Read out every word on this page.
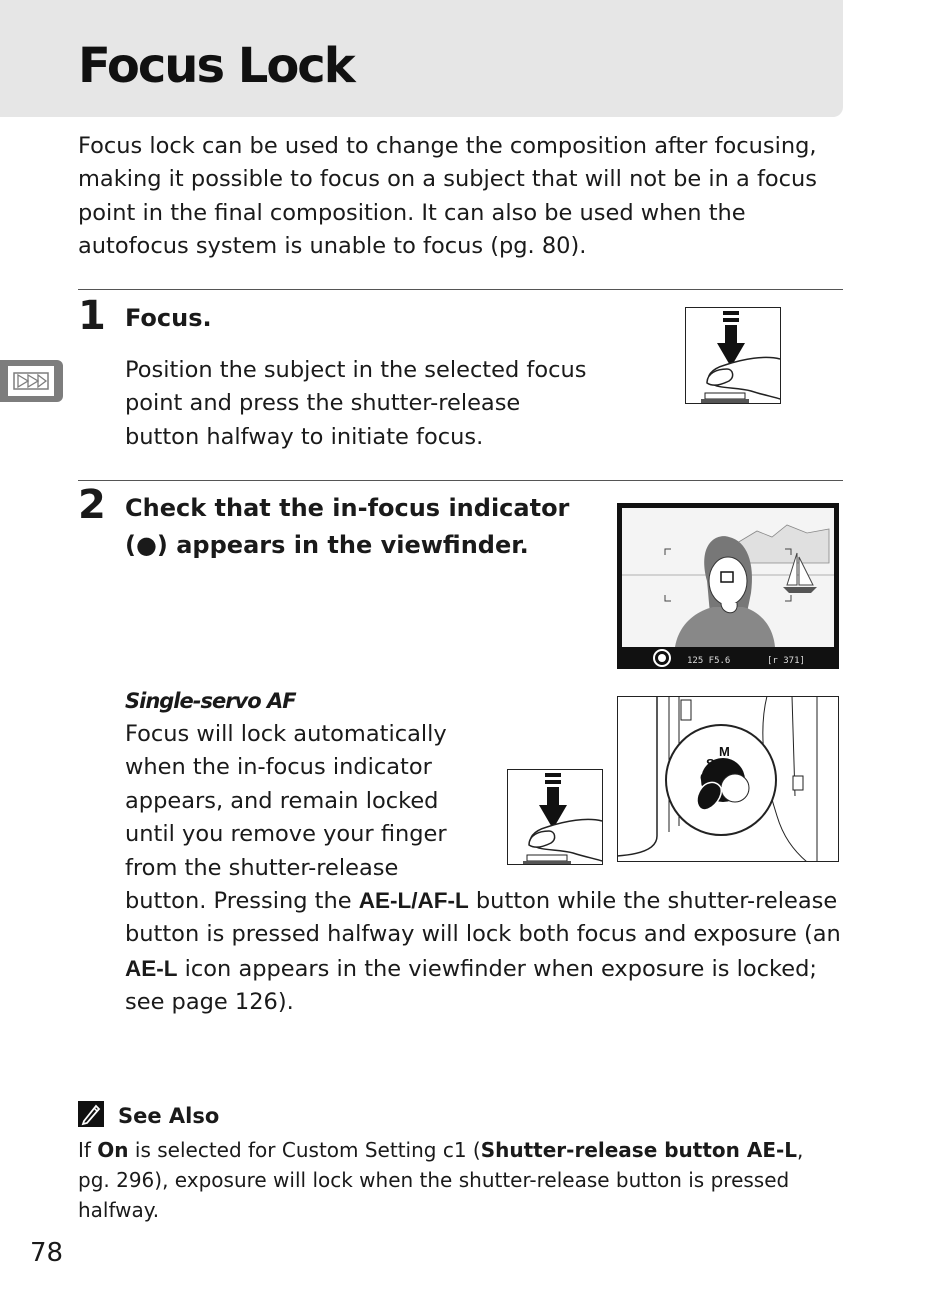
Focus Lock

Focus lock can be used to change the composition after focusing, making it possible to focus on a subject that will not be in a focus point in the final composition. It can also be used when the autofocus system is unable to focus (pg. 80).

1 Focus.

Position the subject in the selected focus
point and press the shutter-release
button halfway to initiate focus.

2 Check that the in-focus indicator
(●) appears in the viewfinder.
125 F5.6	[r 371]

Single-servo AF

Focus will lock automatically
when the in-focus indicator
appears, and remain locked
until you remove your finger
from the shutter-release

button. Pressing the AE-L/AF-L button while the shutter-release button is pressed halfway will lock both focus and exposure (an AE-L icon appears in the viewfinder when exposure is locked; see page 126).

M
S
C
See Also

If On is selected for Custom Setting c1 (Shutter-release button AE-L, pg. 296), exposure will lock when the shutter-release button is pressed halfway.

78
